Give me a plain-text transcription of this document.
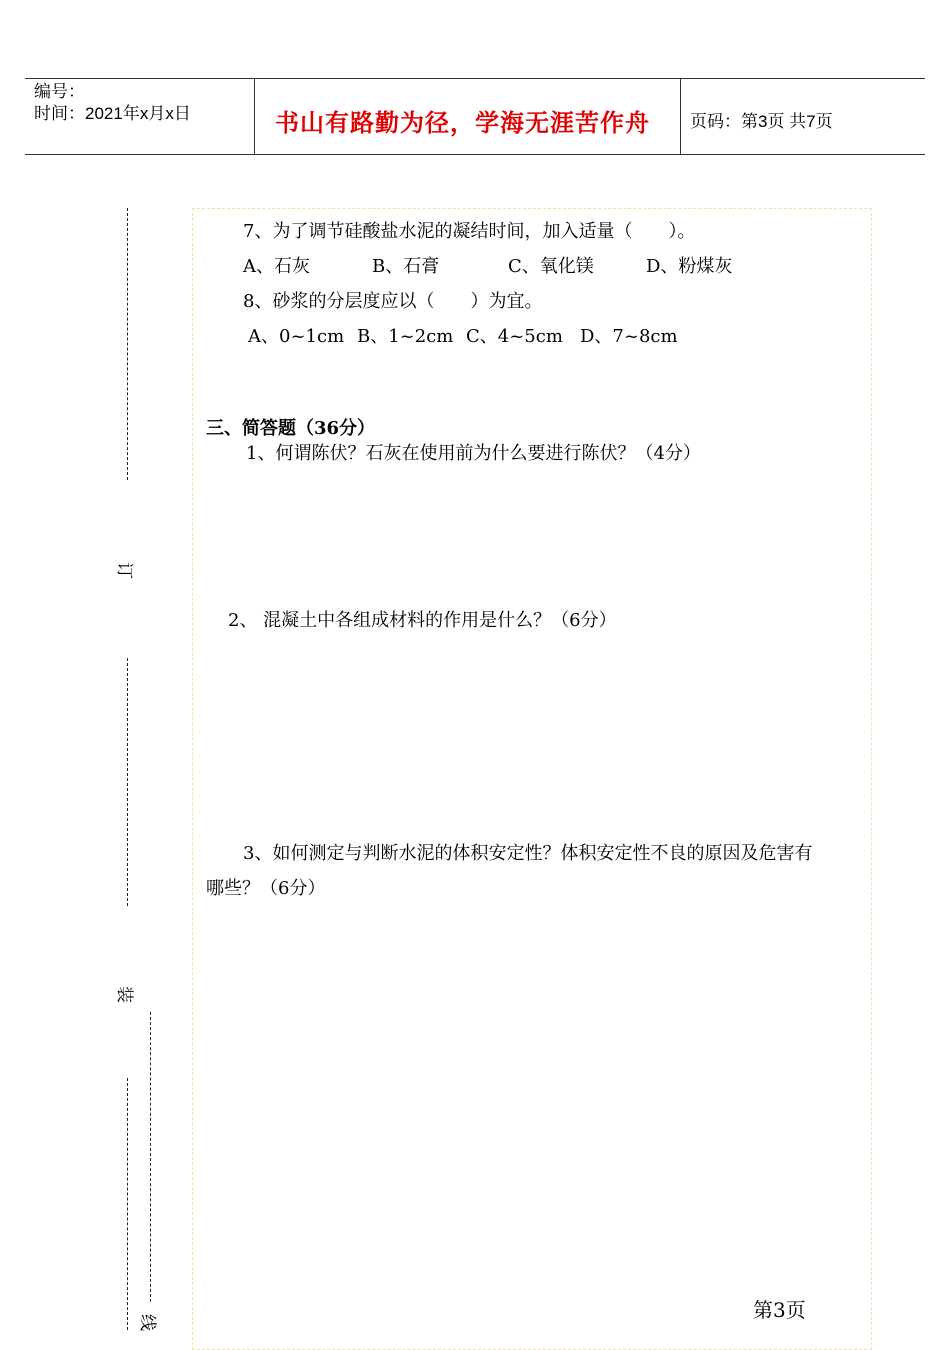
编号：
时间：2021年x月x日	书山有路勤为径，学海无涯苦作舟 页码：第3页 共7页
订
装
线
7、为了调节硅酸盐水泥的凝结时间，加入适量（　　）。
A、石灰	B、石膏	C、氧化镁	D、粉煤灰
8、砂浆的分层度应以（　　）为宜。
A、0~1cm B、1~2cm C、4~5cm D、7~8cm
三、简答题（36分）
1、何谓陈伏？石灰在使用前为什么要进行陈伏？（4分）
2、 混凝土中各组成材料的作用是什么？（6分）
3、如何测定与判断水泥的体积安定性？体积安定性不良的原因及危害有
哪些？（6分）
第3页
